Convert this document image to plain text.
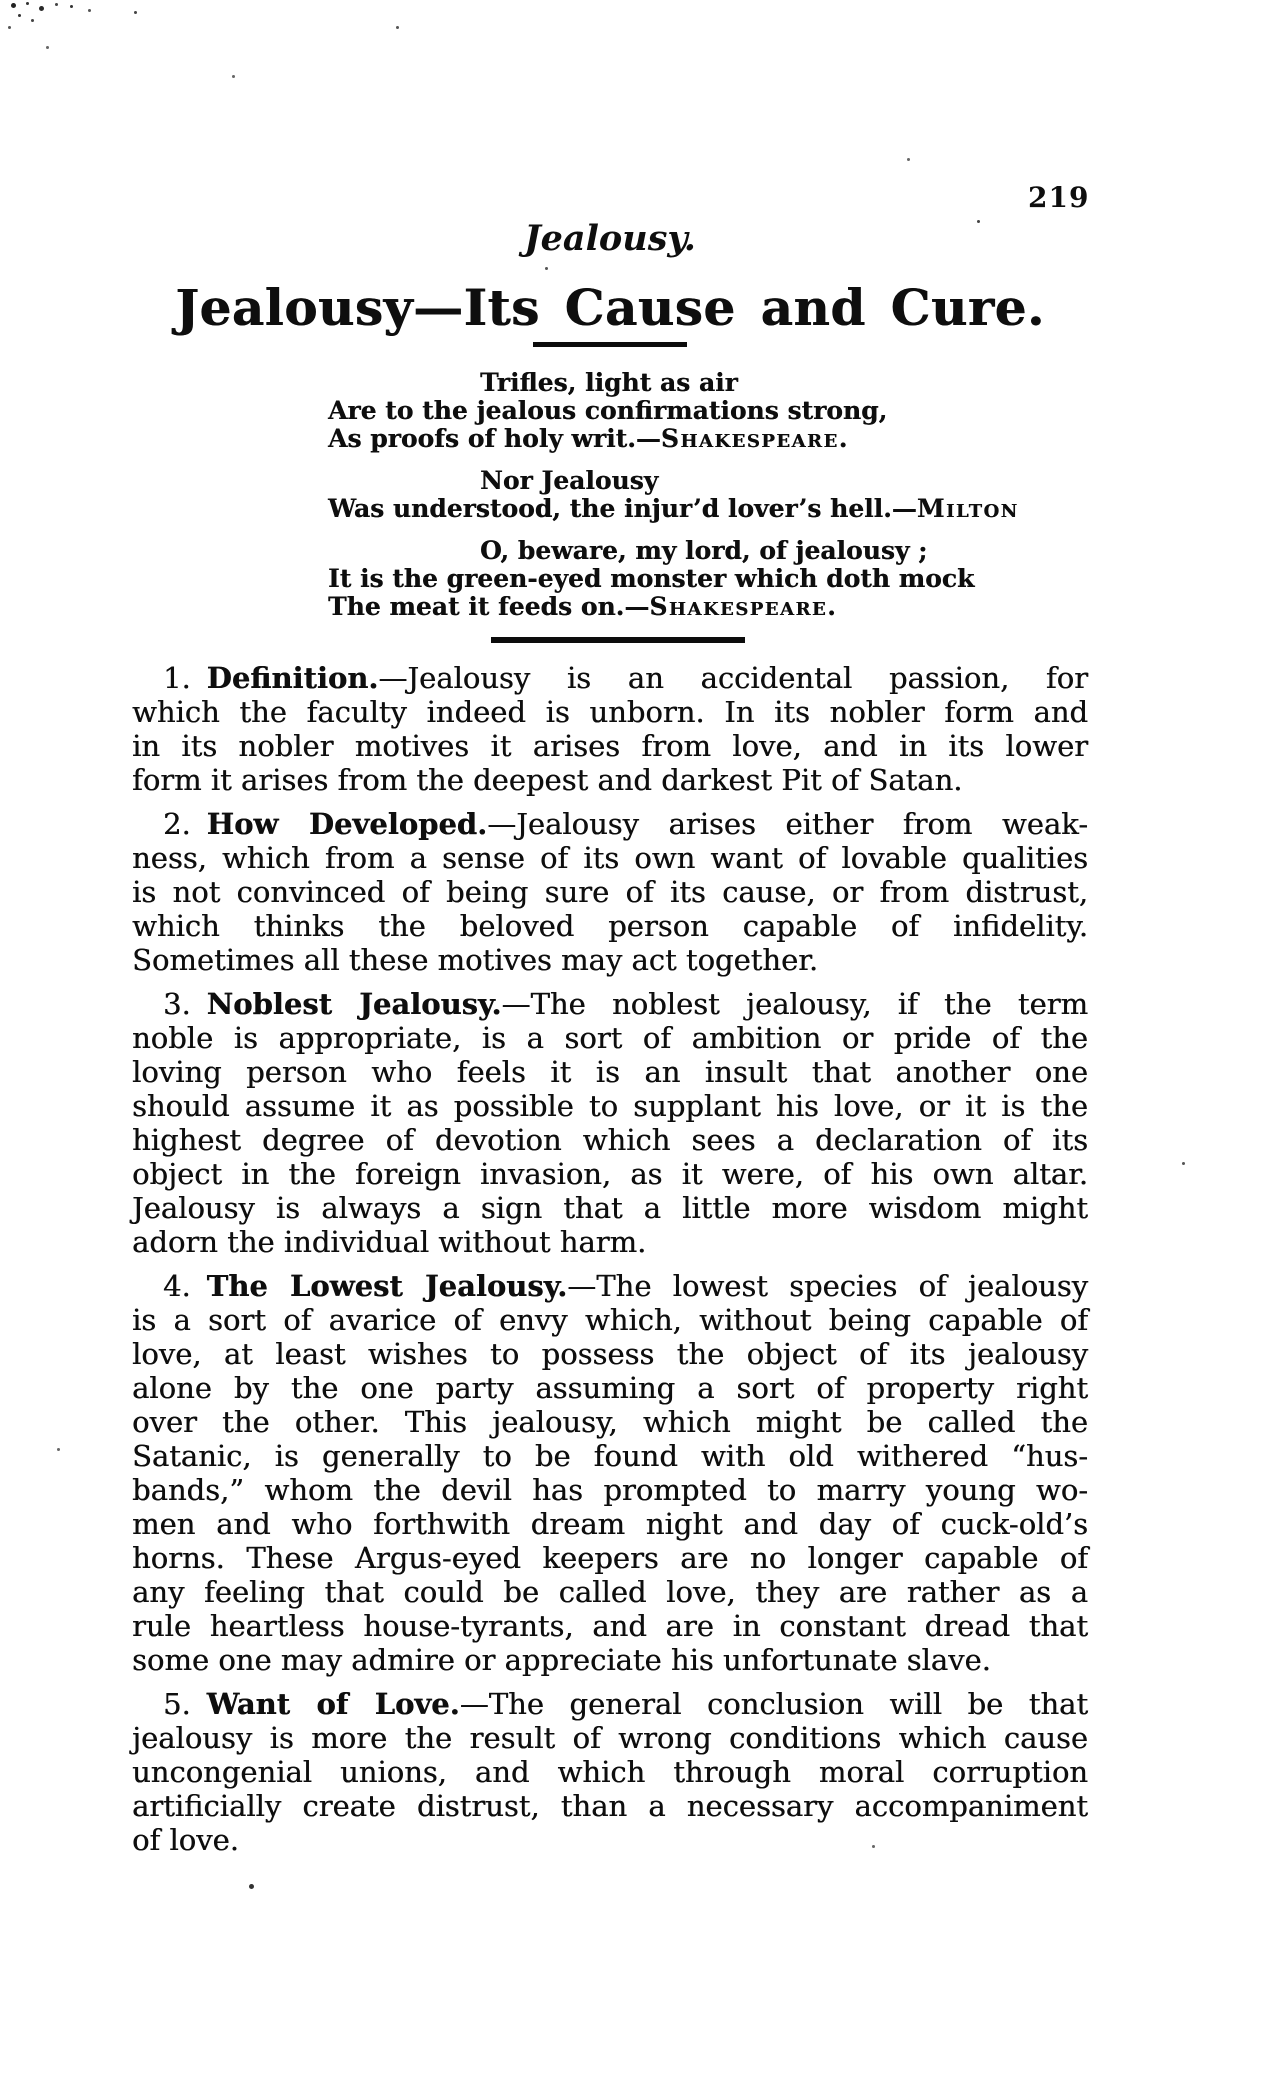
219
Jealousy.
Jealousy—Its Cause and Cure.
Trifles, light as air
Are to the jealous confirmations strong,
As proofs of holy writ.—Shakespeare.
Nor Jealousy
Was understood, the injur’d lover’s hell.—Milton
O, beware, my lord, of jealousy ;
It is the green-eyed monster which doth mock
The meat it feeds on.—Shakespeare.
1. Definition.—Jealousy is an accidental passion, for
which the faculty indeed is unborn. In its nobler form and
in its nobler motives it arises from love, and in its lower
form it arises from the deepest and darkest Pit of Satan.
2. How Developed.—Jealousy arises either from weak-
ness, which from a sense of its own want of lovable qualities
is not convinced of being sure of its cause, or from distrust,
which thinks the beloved person capable of infidelity.
Sometimes all these motives may act together.
3. Noblest Jealousy.—The noblest jealousy, if the term
noble is appropriate, is a sort of ambition or pride of the
loving person who feels it is an insult that another one
should assume it as possible to supplant his love, or it is the
highest degree of devotion which sees a declaration of its
object in the foreign invasion, as it were, of his own altar.
Jealousy is always a sign that a little more wisdom might
adorn the individual without harm.
4. The Lowest Jealousy.—The lowest species of jealousy
is a sort of avarice of envy which, without being capable of
love, at least wishes to possess the object of its jealousy
alone by the one party assuming a sort of property right
over the other. This jealousy, which might be called the
Satanic, is generally to be found with old withered “hus-
bands,” whom the devil has prompted to marry young wo-
men and who forthwith dream night and day of cuck-old’s
horns. These Argus-eyed keepers are no longer capable of
any feeling that could be called love, they are rather as a
rule heartless house-tyrants, and are in constant dread that
some one may admire or appreciate his unfortunate slave.
5. Want of Love.—The general conclusion will be that
jealousy is more the result of wrong conditions which cause
uncongenial unions, and which through moral corruption
artificially create distrust, than a necessary accompaniment
of love.
